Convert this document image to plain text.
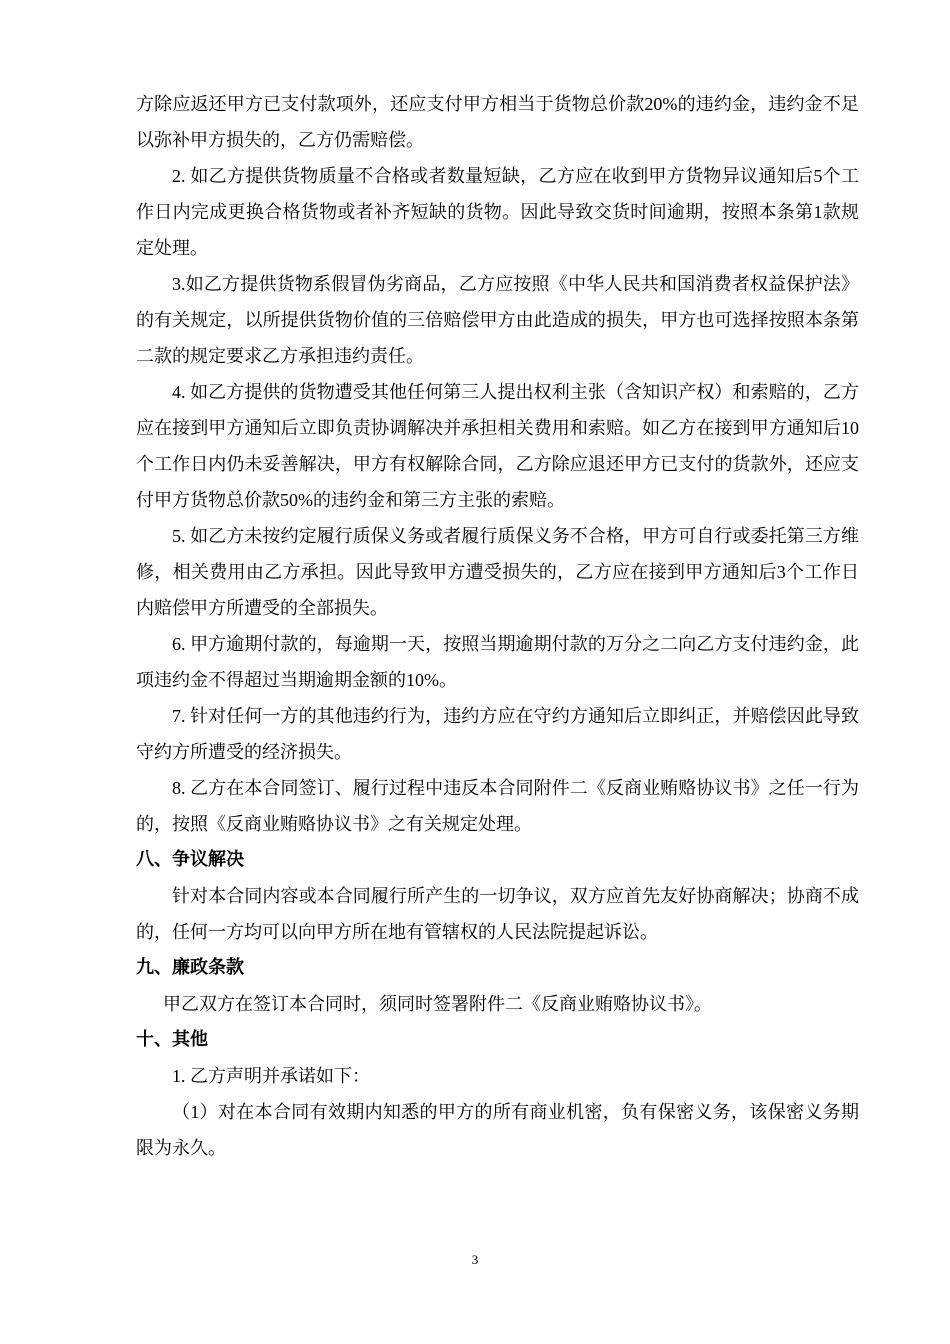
方除应返还甲方已支付款项外，还应支付甲方相当于货物总价款20%的违约金，违约金不足以弥补甲方损失的，乙方仍需赔偿。

2. 如乙方提供货物质量不合格或者数量短缺，乙方应在收到甲方货物异议通知后5个工作日内完成更换合格货物或者补齐短缺的货物。因此导致交货时间逾期，按照本条第1款规定处理。

3.如乙方提供货物系假冒伪劣商品，乙方应按照《中华人民共和国消费者权益保护法》的有关规定，以所提供货物价值的三倍赔偿甲方由此造成的损失，甲方也可选择按照本条第二款的规定要求乙方承担违约责任。

4. 如乙方提供的货物遭受其他任何第三人提出权利主张（含知识产权）和索赔的，乙方应在接到甲方通知后立即负责协调解决并承担相关费用和索赔。如乙方在接到甲方通知后10个工作日内仍未妥善解决，甲方有权解除合同，乙方除应退还甲方已支付的货款外，还应支付甲方货物总价款50%的违约金和第三方主张的索赔。

5. 如乙方未按约定履行质保义务或者履行质保义务不合格，甲方可自行或委托第三方维修，相关费用由乙方承担。因此导致甲方遭受损失的，乙方应在接到甲方通知后3个工作日内赔偿甲方所遭受的全部损失。

6. 甲方逾期付款的，每逾期一天，按照当期逾期付款的万分之二向乙方支付违约金，此项违约金不得超过当期逾期金额的10%。

7. 针对任何一方的其他违约行为，违约方应在守约方通知后立即纠正，并赔偿因此导致守约方所遭受的经济损失。

8. 乙方在本合同签订、履行过程中违反本合同附件二《反商业贿赂协议书》之任一行为的，按照《反商业贿赂协议书》之有关规定处理。

八、争议解决

针对本合同内容或本合同履行所产生的一切争议，双方应首先友好协商解决；协商不成的，任何一方均可以向甲方所在地有管辖权的人民法院提起诉讼。

九、廉政条款

甲乙双方在签订本合同时，须同时签署附件二《反商业贿赂协议书》。

十、其他

1. 乙方声明并承诺如下：

（1）对在本合同有效期内知悉的甲方的所有商业机密，负有保密义务，该保密义务期限为永久。

3
